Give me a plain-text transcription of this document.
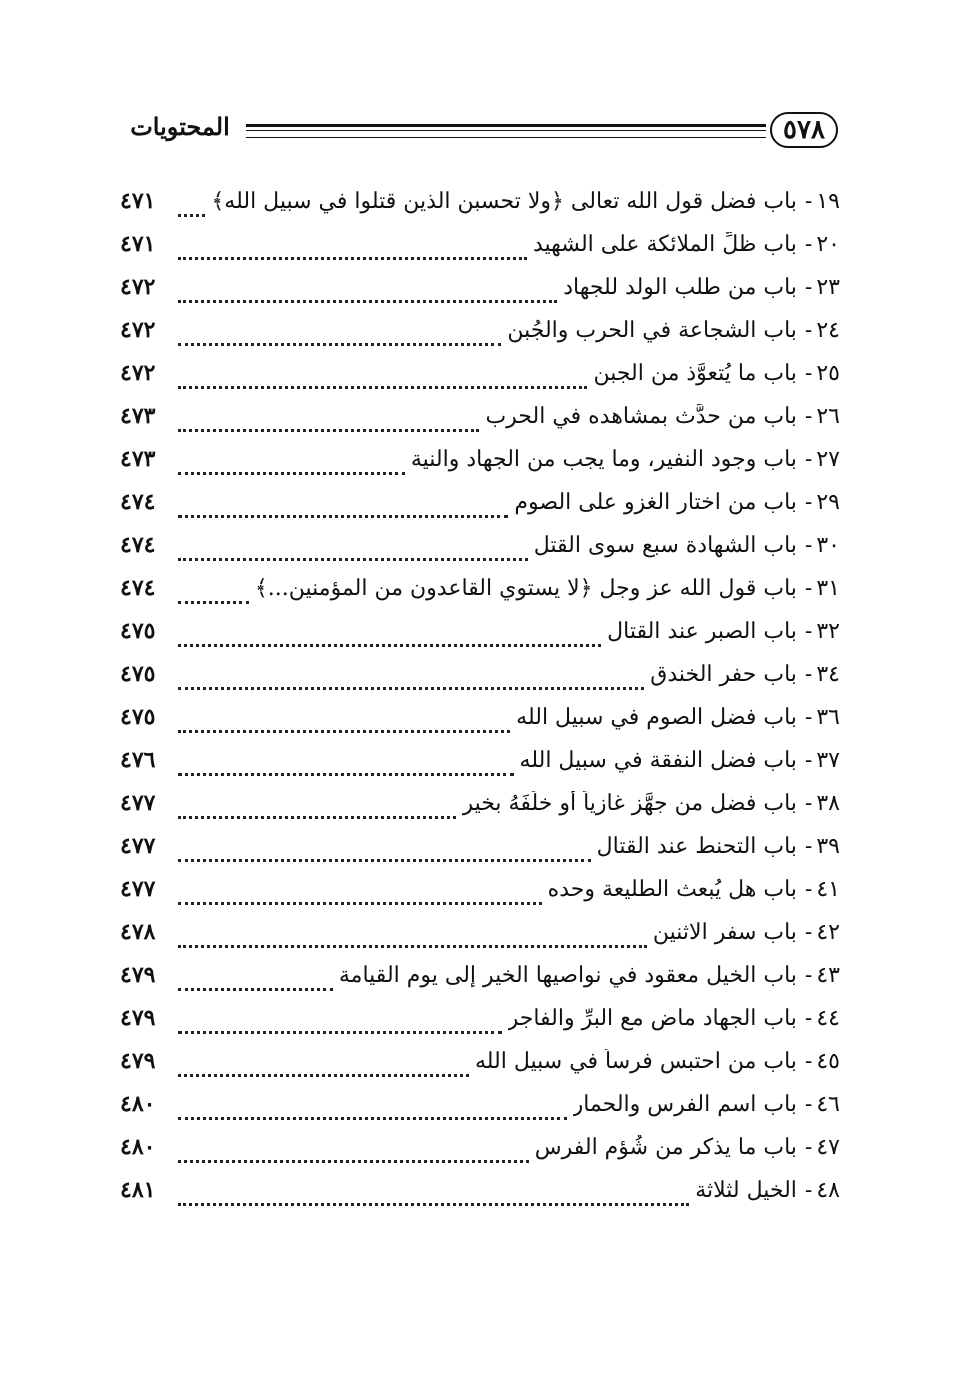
٥٧٨
المحتويات
١٩
-
باب فضل قول الله تعالى ﴿ولا تحسبن الذين قتلوا في سبيل الله﴾
٤٧١
٢٠
-
باب ظلِّ الملائكة على الشهيد
٤٧١
٢٣
-
باب من طلب الولد للجهاد
٤٧٢
٢٤
-
باب الشجاعة في الحرب والجُبن
٤٧٢
٢٥
-
باب ما يُتعوَّذ من الجبن
٤٧٢
٢٦
-
باب من حدَّث بمشاهده في الحرب
٤٧٣
٢٧
-
باب وجود النفير، وما يجب من الجهاد والنية
٤٧٣
٢٩
-
باب من اختار الغزو على الصوم
٤٧٤
٣٠
-
باب الشهادة سبع سوى القتل
٤٧٤
٣١
-
باب قول الله عز وجل ﴿لا يستوي القاعدون من المؤمنين...﴾
٤٧٤
٣٢
-
باب الصبر عند القتال
٤٧٥
٣٤
-
باب حفر الخندق
٤٧٥
٣٦
-
باب فضل الصوم في سبيل الله
٤٧٥
٣٧
-
باب فضل النفقة في سبيل الله
٤٧٦
٣٨
-
باب فضل من جهَّز غازياً أو خلَفَهُ بخير
٤٧٧
٣٩
-
باب التحنط عند القتال
٤٧٧
٤١
-
باب هل يُبعث الطليعة وحده
٤٧٧
٤٢
-
باب سفر الاثنين
٤٧٨
٤٣
-
باب الخيل معقود في نواصيها الخير إلى يوم القيامة
٤٧٩
٤٤
-
باب الجهاد ماضٍ مع البرِّ والفاجر
٤٧٩
٤٥
-
باب من احتبس فرساً في سبيل الله
٤٧٩
٤٦
-
باب اسم الفرس والحمار
٤٨٠
٤٧
-
باب ما يذكر من شُؤم الفرس
٤٨٠
٤٨
-
الخيل لثلاثة
٤٨١
